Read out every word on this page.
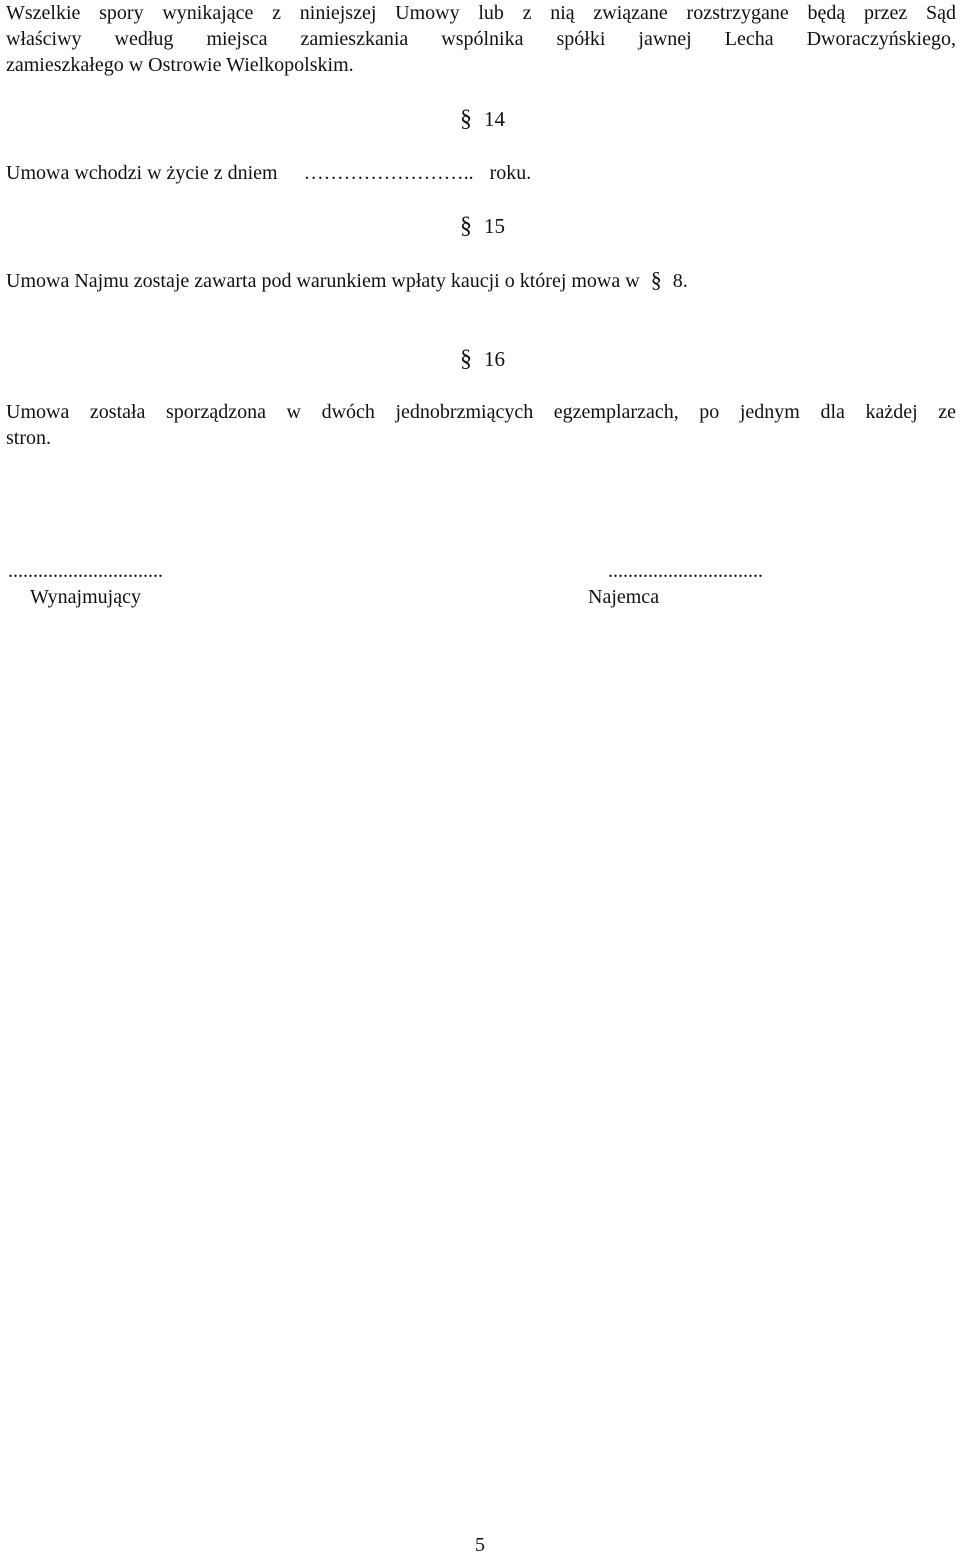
Wszelkie spory wynikające z niniejszej Umowy lub z nią związane rozstrzygane będą przez Sąd
właściwy według miejsca zamieszkania wspólnika spółki jawnej Lecha Dworaczyńskiego,
zamieszkałego w Ostrowie Wielkopolskim.
§ 14
Umowa wchodzi w życie z dniem …………………….. roku.
§ 15
Umowa Najmu zostaje zawarta pod warunkiem wpłaty kaucji o której mowa w § 8.
§ 16
Umowa została sporządzona w dwóch jednobrzmiących egzemplarzach, po jednym dla każdej ze
stron.
...............................
Wynajmujący
...............................
Najemca
5
